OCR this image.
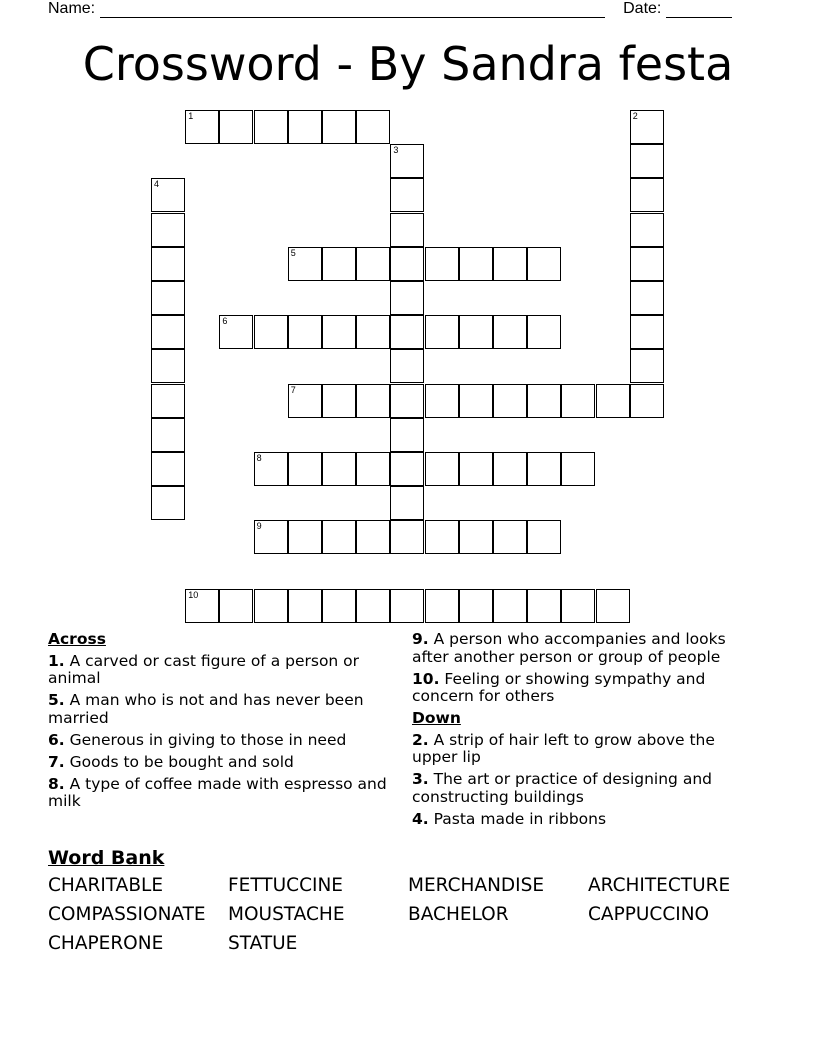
Name:	Date:
Crossword - By Sandra festa
1	2
3
4
5
6
7
8
9
10
Across
1. A carved or cast figure of a person or animal
5. A man who is not and has never been married
6. Generous in giving to those in need
7. Goods to be bought and sold
8. A type of coffee made with espresso and milk
9. A person who accompanies and looks after another person or group of people
10. Feeling or showing sympathy and concern for others
Down
2. A strip of hair left to grow above the upper lip
3. The art or practice of designing and constructing buildings
4. Pasta made in ribbons
Word Bank
CHARITABLE	FETTUCCINE	MERCHANDISE	ARCHITECTURE
COMPASSIONATE	MOUSTACHE	BACHELOR	CAPPUCCINO
CHAPERONE	STATUE
